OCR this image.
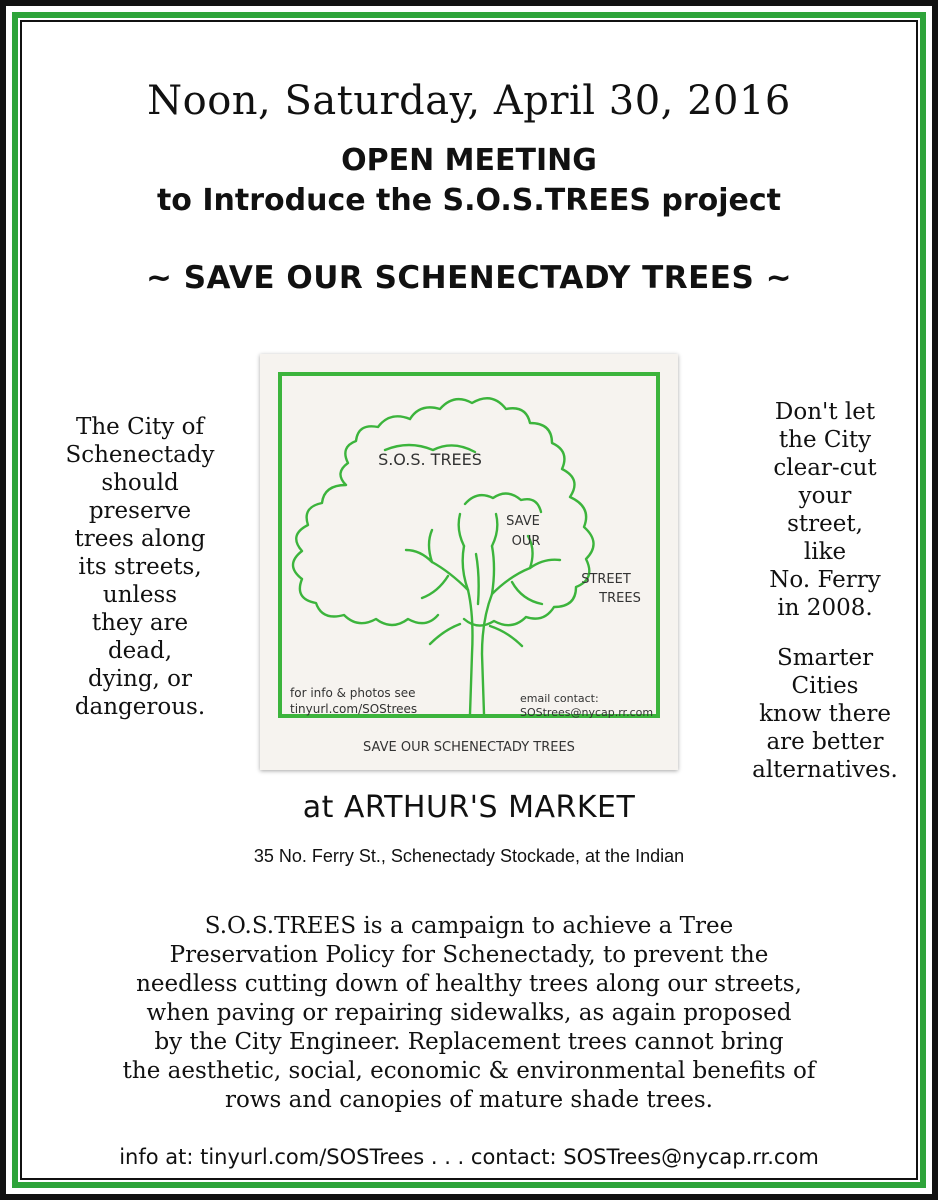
Noon, Saturday, April 30, 2016
OPEN MEETING
to Introduce the S.O.S.TREES project
~ SAVE OUR SCHENECTADY TREES ~
The City of
Schenectady
should
preserve
trees along
its streets,
unless
they are
dead,
dying, or
dangerous.
Don't let
the City
clear-cut
your
street,
like
No. Ferry
in 2008.
Smarter
Cities
know there
are better
alternatives.
S.O.S. TREES
SAVE
OUR
STREET
TREES
for info & photos see
tinyurl.com/SOStrees
email contact:
SOStrees@nycap.rr.com
SAVE OUR SCHENECTADY TREES
at ARTHUR'S MARKET
35 No. Ferry St., Schenectady Stockade, at the Indian
S.O.S.TREES is a campaign to achieve a Tree
Preservation Policy for Schenectady, to prevent the
needless cutting down of healthy trees along our streets,
when paving or repairing sidewalks, as again proposed
by the City Engineer. Replacement trees cannot bring
the aesthetic, social, economic & environmental benefits of
rows and canopies of mature shade trees.
info at: tinyurl.com/SOSTrees . . . contact: SOSTrees@nycap.rr.com
